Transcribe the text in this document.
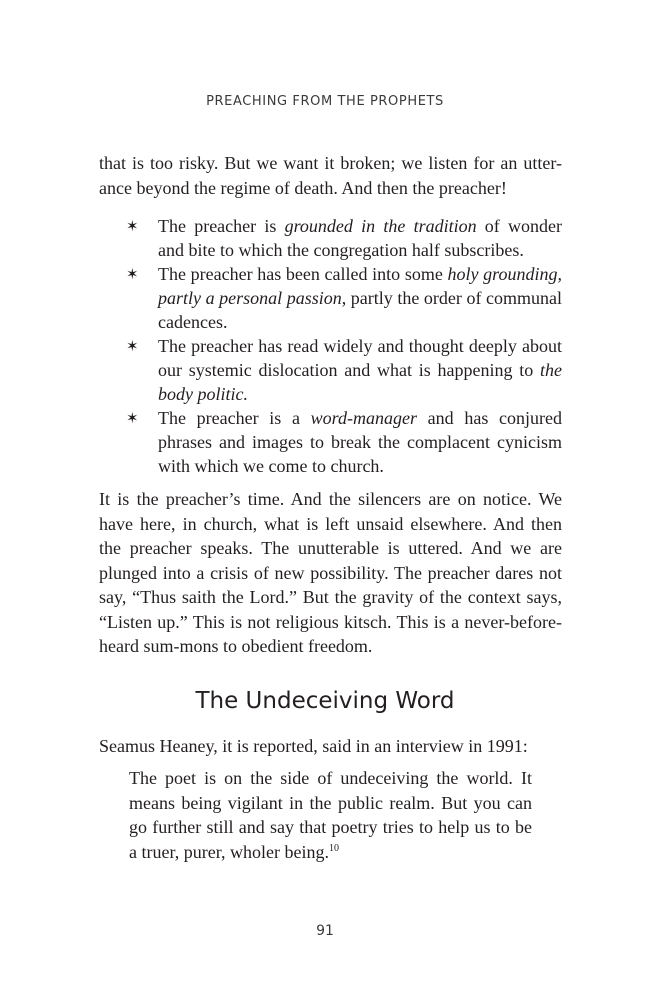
PREACHING FROM THE PROPHETS

that is too risky. But we want it broken; we listen for an utter-ance beyond the regime of death. And then the preacher!

✶ The preacher is grounded in the tradition of wonder and bite to which the congregation half subscribes.
✶ The preacher has been called into some holy grounding, partly a personal passion, partly the order of communal cadences.
✶ The preacher has read widely and thought deeply about our systemic dislocation and what is happening to the body politic.
✶ The preacher is a word-manager and has conjured phrases and images to break the complacent cynicism with which we come to church.

It is the preacher’s time. And the silencers are on notice. We have here, in church, what is left unsaid elsewhere. And then the preacher speaks. The unutterable is uttered. And we are plunged into a crisis of new possibility. The preacher dares not say, “Thus saith the Lord.” But the gravity of the context says, “Listen up.” This is not religious kitsch. This is a never-before-heard sum-mons to obedient freedom.

The Undeceiving Word

Seamus Heaney, it is reported, said in an interview in 1991:

The poet is on the side of undeceiving the world. It means being vigilant in the public realm. But you can go further still and say that poetry tries to help us to be a truer, purer, wholer being.$^{10}$

91
